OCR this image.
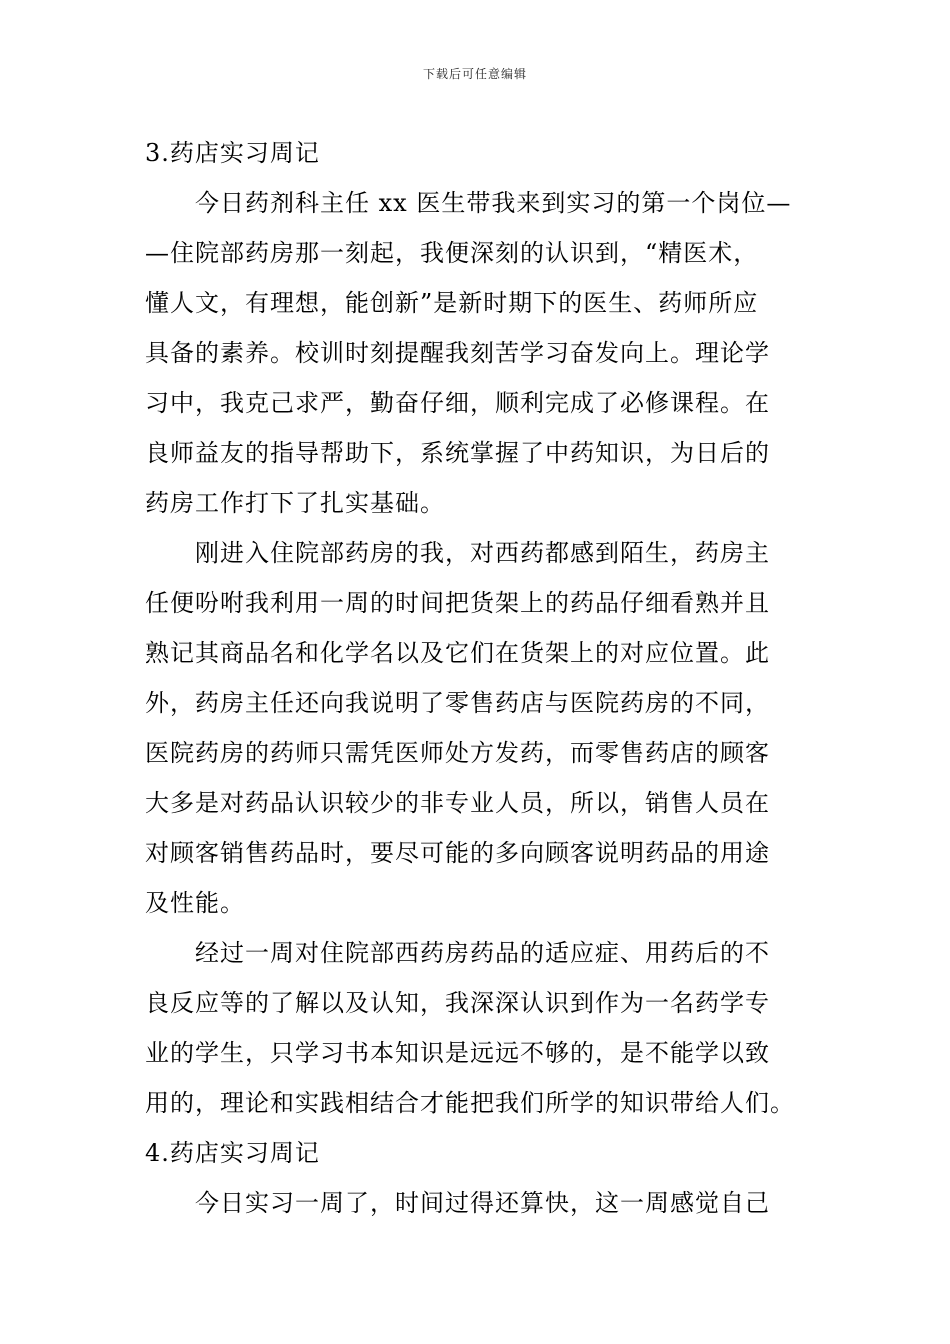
下载后可任意编辑
3.药店实习周记
　　今日药剂科主任 xx 医生带我来到实习的第一个岗位—
—住院部药房那一刻起，我便深刻的认识到，“精医术，
懂人文，有理想，能创新”是新时期下的医生、药师所应
具备的素养。校训时刻提醒我刻苦学习奋发向上。理论学
习中，我克己求严，勤奋仔细，顺利完成了必修课程。在
良师益友的指导帮助下，系统掌握了中药知识，为日后的
药房工作打下了扎实基础。
　　刚进入住院部药房的我，对西药都感到陌生，药房主
任便吩咐我利用一周的时间把货架上的药品仔细看熟并且
熟记其商品名和化学名以及它们在货架上的对应位置。此
外，药房主任还向我说明了零售药店与医院药房的不同，
医院药房的药师只需凭医师处方发药，而零售药店的顾客
大多是对药品认识较少的非专业人员，所以，销售人员在
对顾客销售药品时，要尽可能的多向顾客说明药品的用途
及性能。
　　经过一周对住院部西药房药品的适应症、用药后的不
良反应等的了解以及认知，我深深认识到作为一名药学专
业的学生，只学习书本知识是远远不够的，是不能学以致
用的，理论和实践相结合才能把我们所学的知识带给人们。
4.药店实习周记
　　今日实习一周了，时间过得还算快，这一周感觉自己
